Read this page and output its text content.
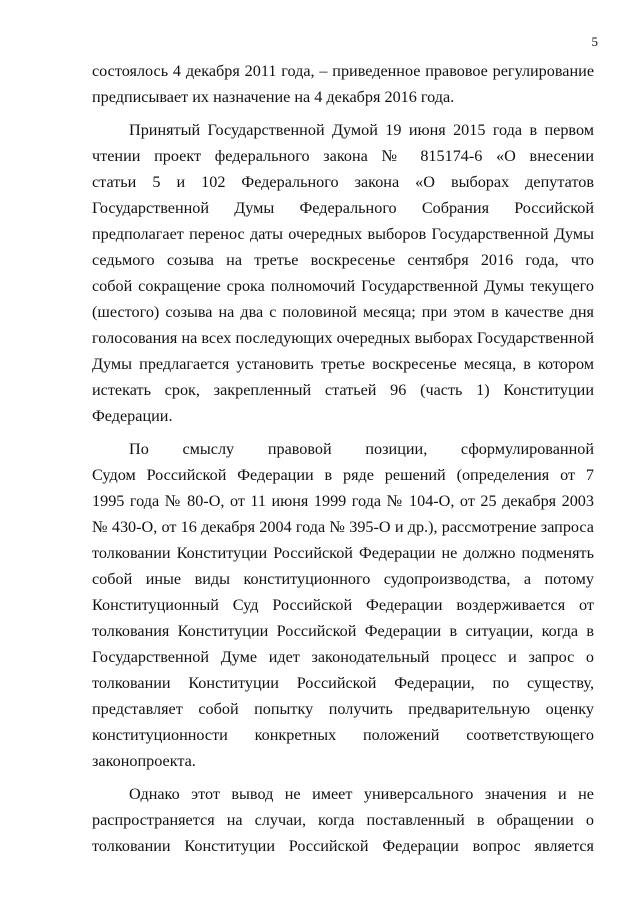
5
состоялось 4 декабря 2011 года, – приведенное правовое регулирование
предписывает их назначение на 4 декабря 2016 года.
Принятый Государственной Думой 19 июня 2015 года в первом
чтении проект федерального закона № 815174-6 «О внесении
статьи 5 и 102 Федерального закона «О выборах депутатов
Государственной Думы Федерального Собрания Российской
предполагает перенос даты очередных выборов Государственной Думы
седьмого созыва на третье воскресенье сентября 2016 года, что
собой сокращение срока полномочий Государственной Думы текущего
(шестого) созыва на два с половиной месяца; при этом в качестве дня
голосования на всех последующих очередных выборах Государственной
Думы предлагается установить третье воскресенье месяца, в котором
истекать срок, закрепленный статьей 96 (часть 1) Конституции
Федерации.
По смыслу правовой позиции, сформулированной
Судом Российской Федерации в ряде решений (определения от 7
1995 года № 80-О, от 11 июня 1999 года № 104-О, от 25 декабря 2003
№ 430-О, от 16 декабря 2004 года № 395-О и др.), рассмотрение запроса
толковании Конституции Российской Федерации не должно подменять
собой иные виды конституционного судопроизводства, а потому
Конституционный Суд Российской Федерации воздерживается от
толкования Конституции Российской Федерации в ситуации, когда в
Государственной Думе идет законодательный процесс и запрос о
толковании Конституции Российской Федерации, по существу,
представляет собой попытку получить предварительную оценку
конституционности конкретных положений соответствующего
законопроекта.
Однако этот вывод не имеет универсального значения и не
распространяется на случаи, когда поставленный в обращении о
толковании Конституции Российской Федерации вопрос является
